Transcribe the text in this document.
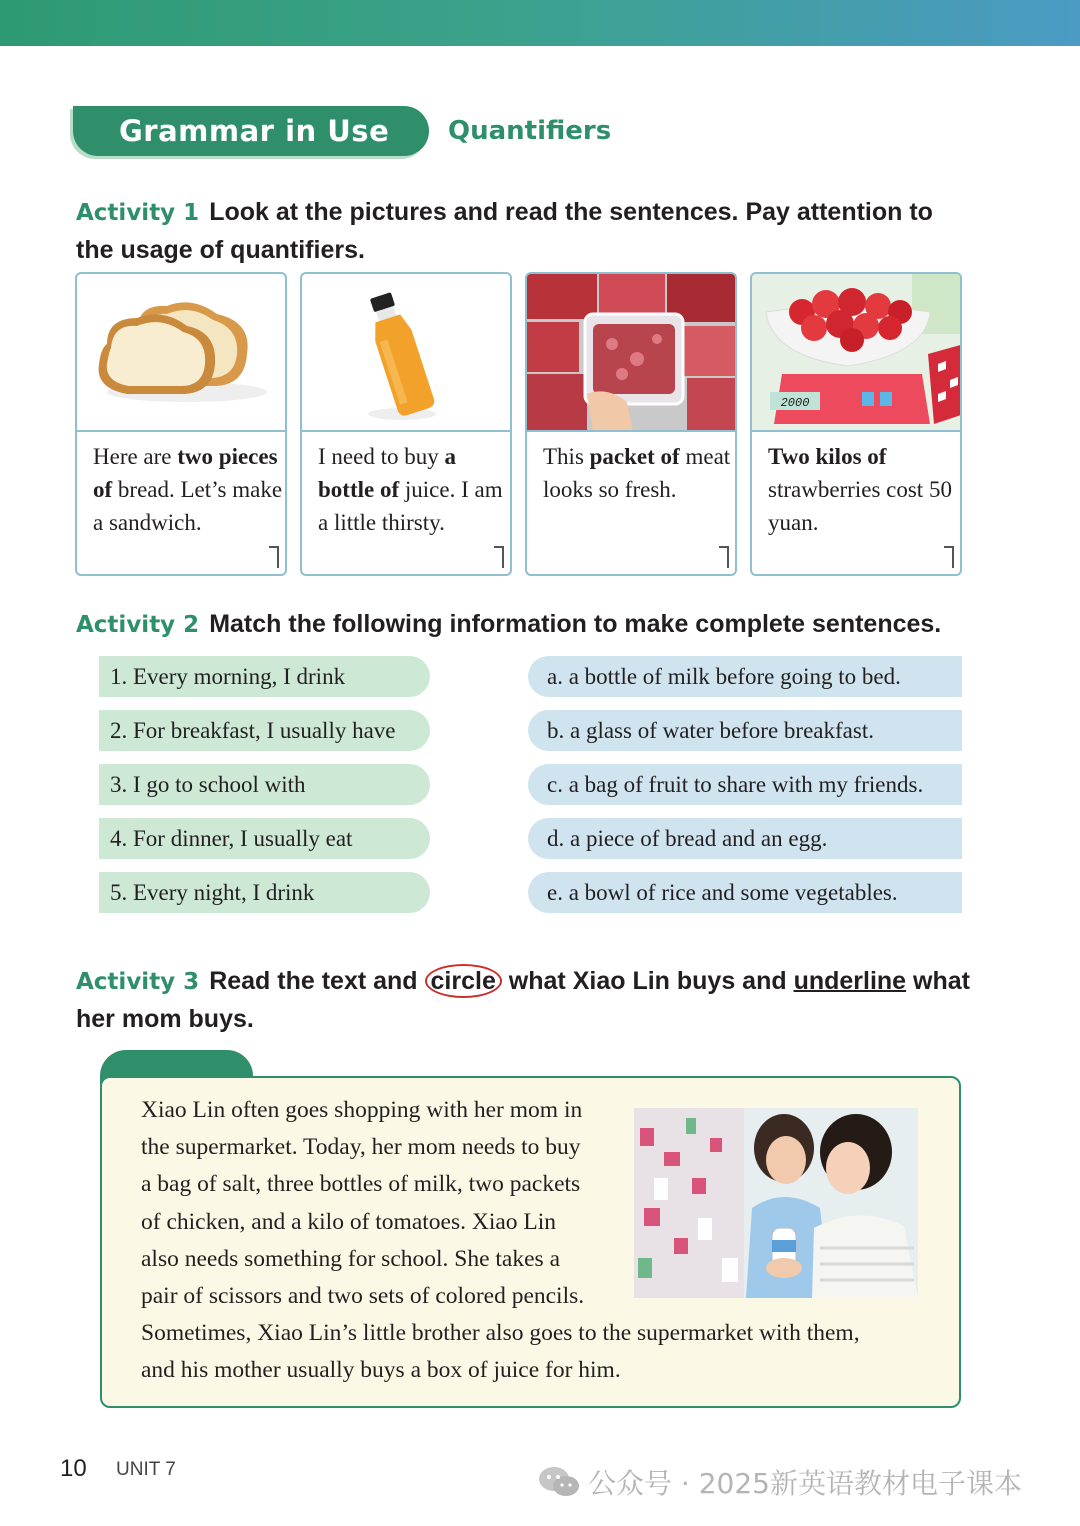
Grammar in Use Quantifiers
Activity 1 Look at the pictures and read the sentences. Pay attention to the usage of quantifiers.
Here are two pieces of bread. Let’s make a sandwich.
I need to buy a bottle of juice. I am a little thirsty.
This packet of meat looks so fresh.
2000
Two kilos of strawberries cost 50 yuan.
Activity 2 Match the following information to make complete sentences.
1. Every morning, I drink
2. For breakfast, I usually have
3. I go to school with
4. For dinner, I usually eat
5. Every night, I drink
a. a bottle of milk before going to bed.
b. a glass of water before breakfast.
c. a bag of fruit to share with my friends.
d. a piece of bread and an egg.
e. a bowl of rice and some vegetables.
Activity 3 Read the text and circle what Xiao Lin buys and underline what her mom buys.
Xiao Lin often goes shopping with her mom in
the supermarket. Today, her mom needs to buy
a bag of salt, three bottles of milk, two packets
of chicken, and a kilo of tomatoes. Xiao Lin
also needs something for school. She takes a
pair of scissors and two sets of colored pencils.
Sometimes, Xiao Lin’s little brother also goes to the supermarket with them,
and his mother usually buys a box of juice for him.
10 UNIT 7	公众号 · 2025新英语教材电子课本
